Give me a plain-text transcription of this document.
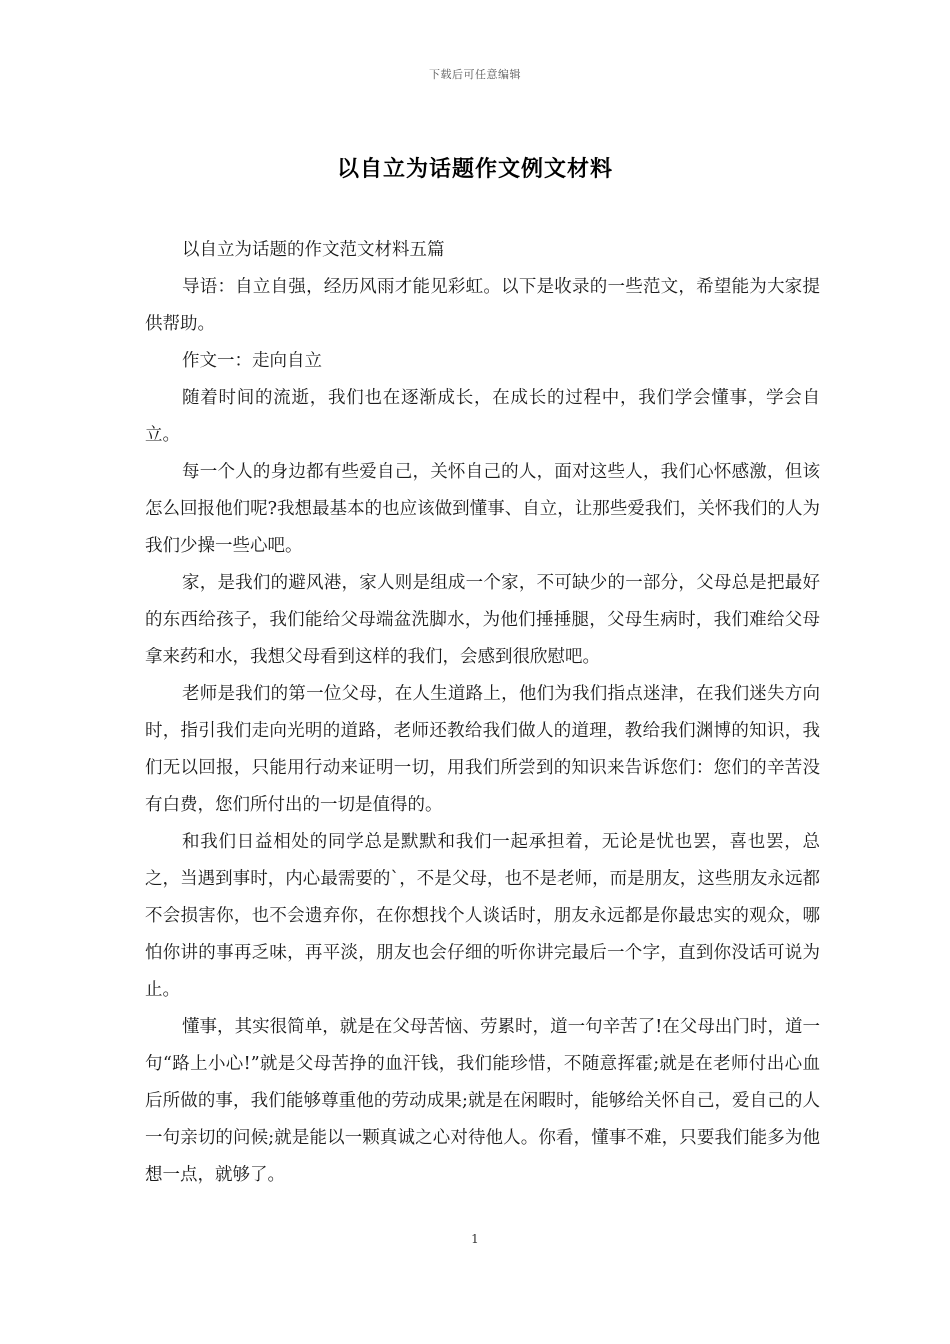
下载后可任意编辑
以自立为话题作文例文材料

以自立为话题的作文范文材料五篇

导语：自立自强，经历风雨才能见彩虹。以下是收录的一些范文，希望能为大家提供帮助。

作文一：走向自立

随着时间的流逝，我们也在逐渐成长，在成长的过程中，我们学会懂事，学会自立。

每一个人的身边都有些爱自己，关怀自己的人，面对这些人，我们心怀感激，但该怎么回报他们呢?我想最基本的也应该做到懂事、自立，让那些爱我们，关怀我们的人为我们少操一些心吧。

家，是我们的避风港，家人则是组成一个家，不可缺少的一部分，父母总是把最好的东西给孩子，我们能给父母端盆洗脚水，为他们捶捶腿，父母生病时，我们难给父母拿来药和水，我想父母看到这样的我们，会感到很欣慰吧。

老师是我们的第一位父母，在人生道路上，他们为我们指点迷津，在我们迷失方向时，指引我们走向光明的道路，老师还教给我们做人的道理，教给我们渊博的知识，我们无以回报，只能用行动来证明一切，用我们所尝到的知识来告诉您们：您们的辛苦没有白费，您们所付出的一切是值得的。

和我们日益相处的同学总是默默和我们一起承担着，无论是忧也罢，喜也罢，总之，当遇到事时，内心最需要的`，不是父母，也不是老师，而是朋友，这些朋友永远都不会损害你，也不会遗弃你，在你想找个人谈话时，朋友永远都是你最忠实的观众，哪怕你讲的事再乏味，再平淡，朋友也会仔细的听你讲完最后一个字，直到你没话可说为止。

懂事，其实很简单，就是在父母苦恼、劳累时，道一句辛苦了!在父母出门时，道一句“路上小心!”就是父母苦挣的血汗钱，我们能珍惜，不随意挥霍;就是在老师付出心血后所做的事，我们能够尊重他的劳动成果;就是在闲暇时，能够给关怀自己，爱自己的人一句亲切的问候;就是能以一颗真诚之心对待他人。你看，懂事不难，只要我们能多为他想一点，就够了。

1
